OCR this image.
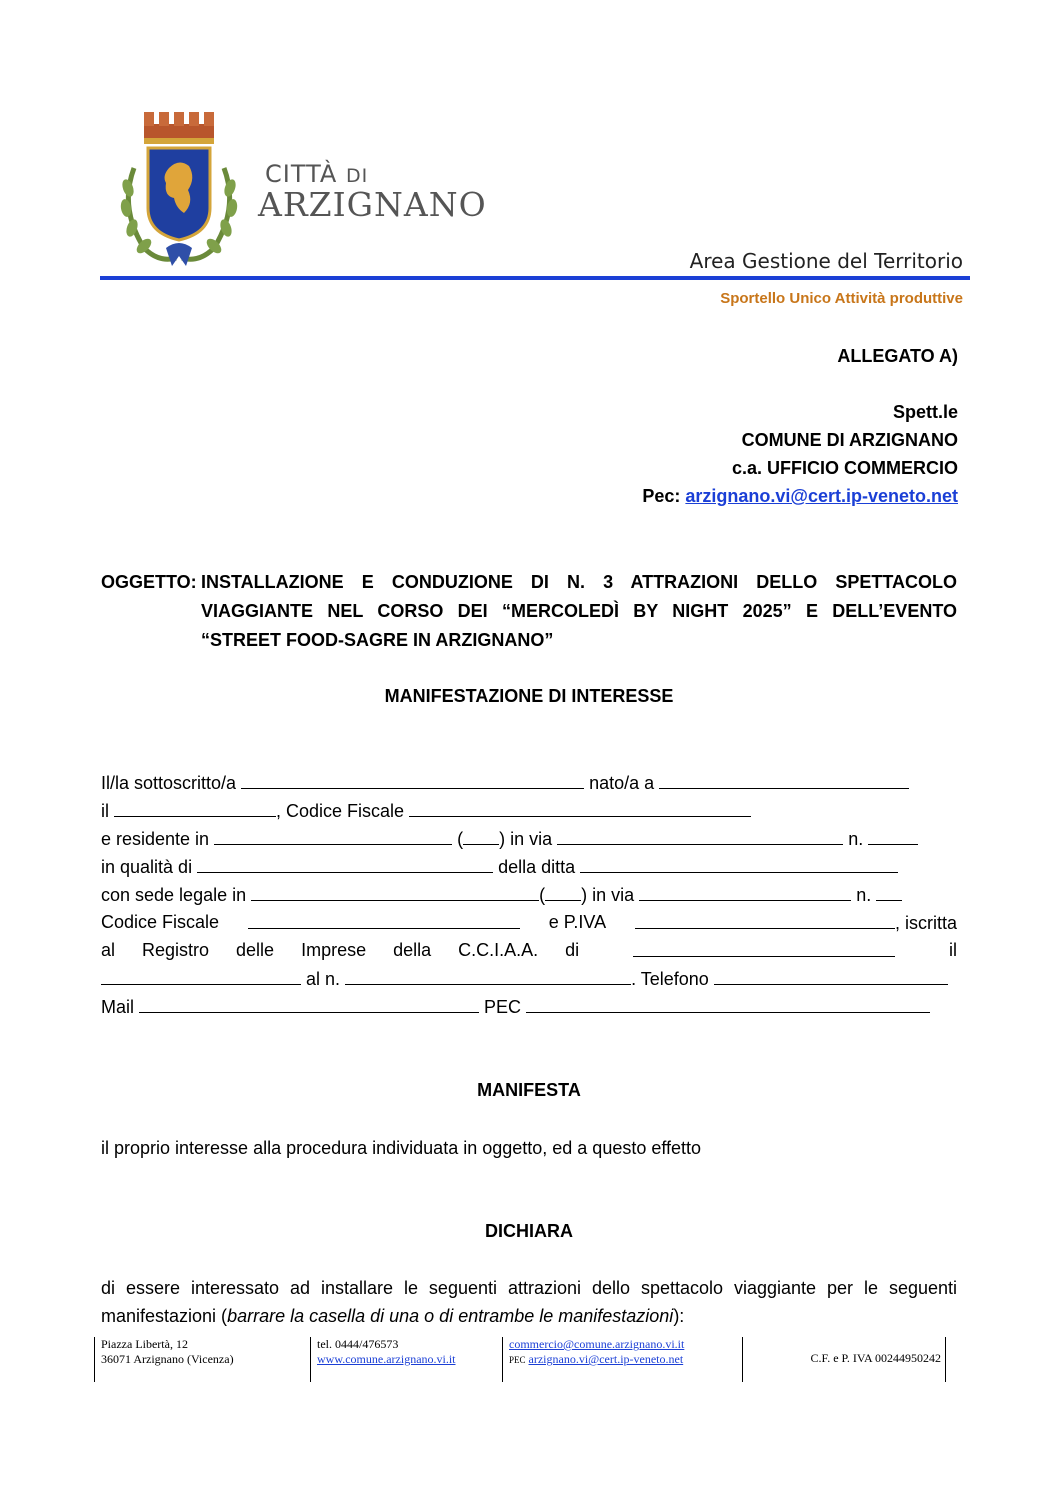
CITTÀ DI
ARZIGNANO
Area Gestione del Territorio
Sportello Unico Attività produttive
ALLEGATO A)
Spett.le
COMUNE DI ARZIGNANO
c.a. UFFICIO COMMERCIO
Pec: arzignano.vi@cert.ip-veneto.net
OGGETTO: INSTALLAZIONE E CONDUZIONE DI N. 3 ATTRAZIONI DELLO SPETTACOLO VIAGGIANTE NEL CORSO DEI “MERCOLEDÌ BY NIGHT 2025” E DELL’EVENTO “STREET FOOD-SAGRE IN ARZIGNANO”
MANIFESTAZIONE DI INTERESSE
Il/la sottoscritto/a	nato/a a
il	, Codice Fiscale
e residente in	( ) in via	n.
in qualità di	della ditta
con sede legale in	( ) in via	n.
Codice Fiscale	e P.IVA	, iscritta
al Registro delle Imprese della C.C.I.A.A. di	il
al n.	. Telefono
Mail	PEC
MANIFESTA
il proprio interesse alla procedura individuata in oggetto, ed a questo effetto
DICHIARA
di essere interessato ad installare le seguenti attrazioni dello spettacolo viaggiante per le seguenti manifestazioni (barrare la casella di una o di entrambe le manifestazioni):
Piazza Libertà, 12
36071 Arzignano (Vicenza)
tel. 0444/476573
www.comune.arzignano.vi.it
commercio@comune.arzignano.vi.it
PEC arzignano.vi@cert.ip-veneto.net	C.F. e P. IVA 00244950242
